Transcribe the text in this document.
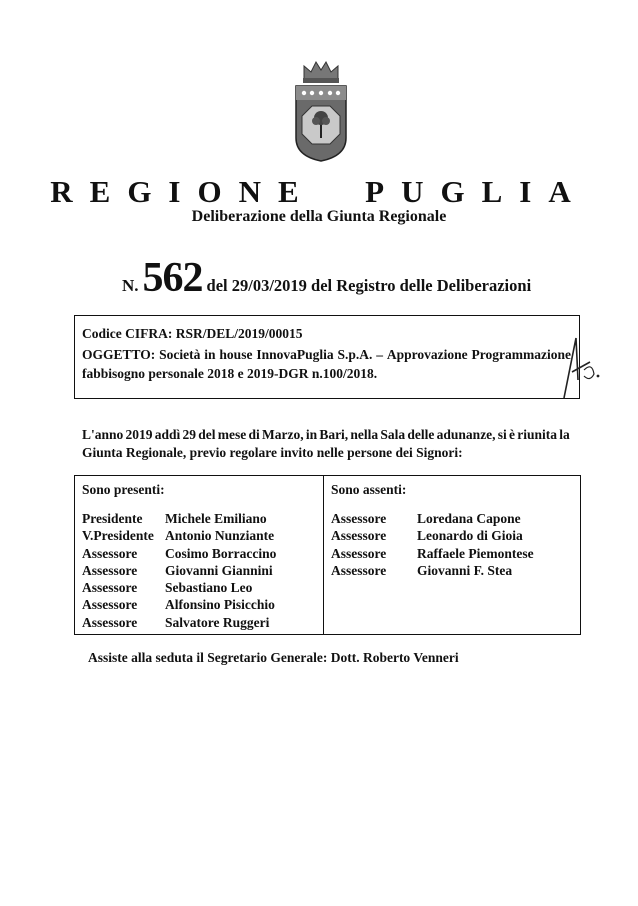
REGIONE  PUGLIA
Deliberazione della Giunta Regionale
N. 562 del 29/03/2019 del Registro delle Deliberazioni
Codice CIFRA: RSR/DEL/2019/00015
OGGETTO: Società in house InnovaPuglia S.p.A. – Approvazione Programmazione
fabbisogno personale 2018 e 2019-DGR n.100/2018.
L'anno 2019 addì 29 del mese di Marzo, in Bari, nella Sala delle adunanze, si è riunita la
Giunta Regionale, previo regolare invito nelle persone dei Signori:
Sono presenti:	Sono assenti:
Presidente
V.Presidente
Assessore
Assessore
Assessore
Assessore
Assessore
Michele Emiliano
Antonio Nunziante
Cosimo Borraccino
Giovanni Giannini
Sebastiano Leo
Alfonsino Pisicchio
Salvatore Ruggeri
Assessore
Assessore
Assessore
Assessore
Loredana Capone
Leonardo di Gioia
Raffaele Piemontese
Giovanni F. Stea
Assiste alla seduta il Segretario Generale: Dott. Roberto Venneri
